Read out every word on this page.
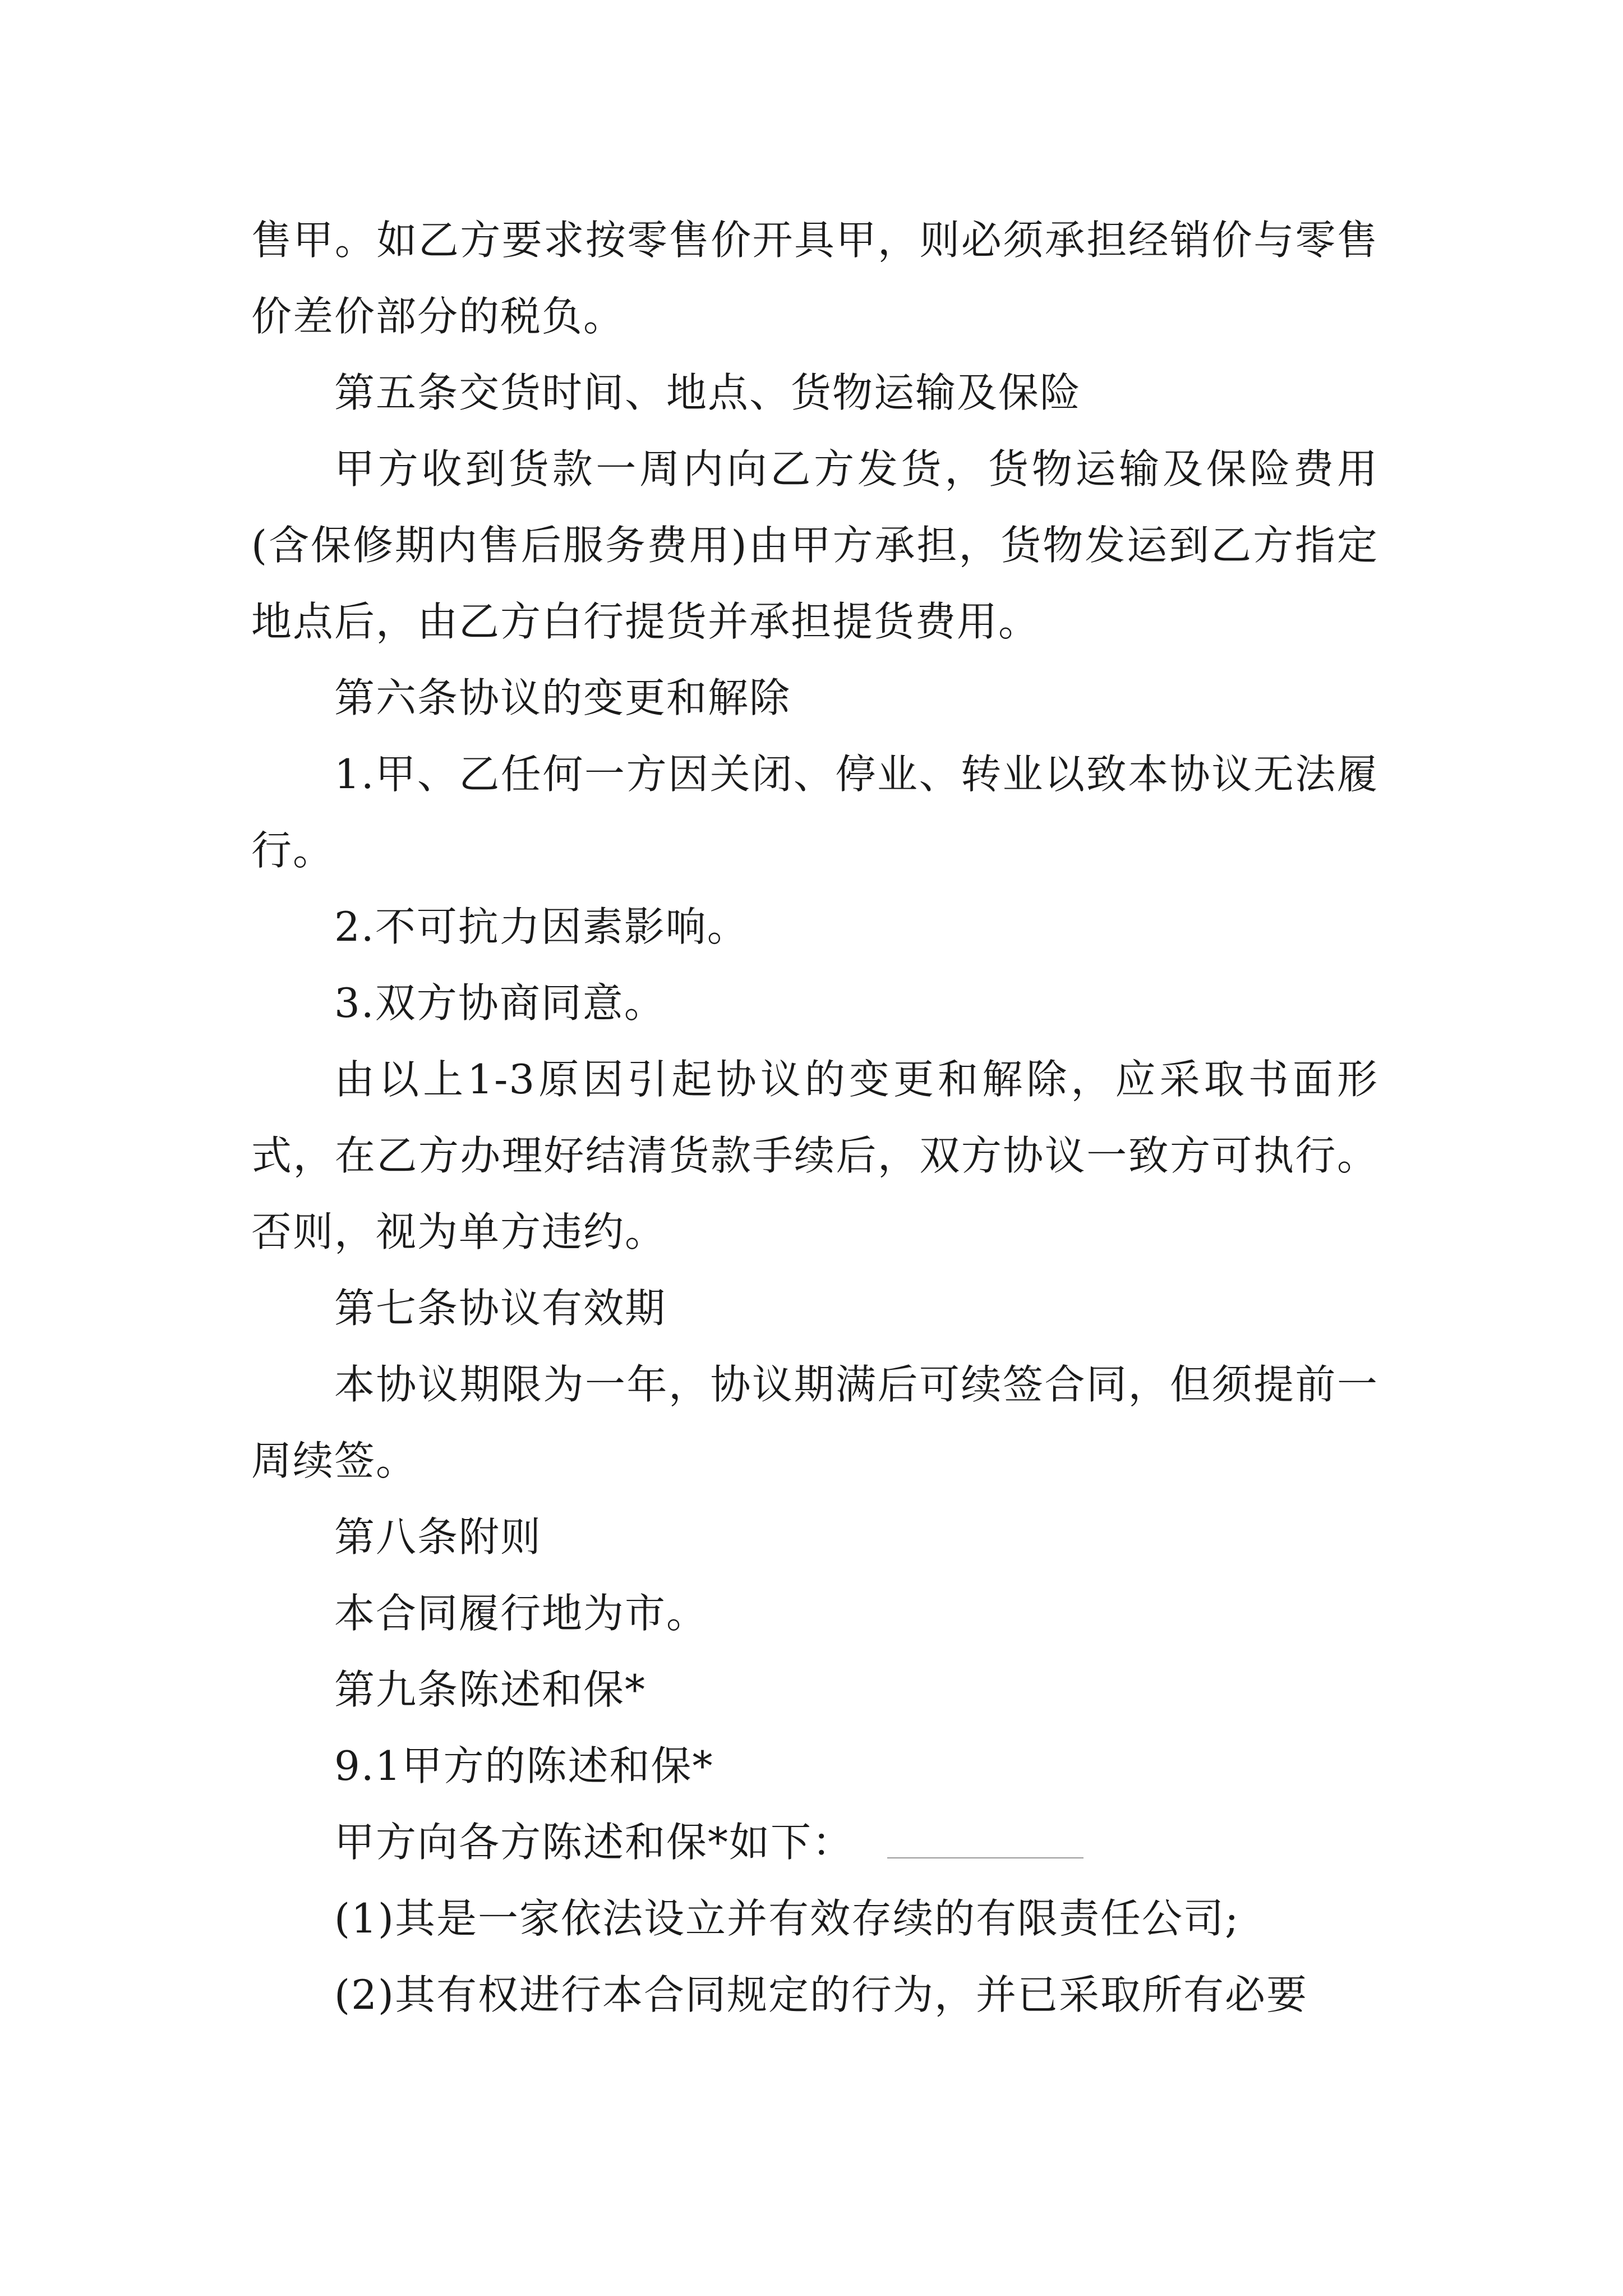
售甲。如乙方要求按零售价开具甲，则必须承担经销价与零售价差价部分的税负。

第五条交货时间、地点、货物运输及保险

甲方收到货款一周内向乙方发货，货物运输及保险费用(含保修期内售后服务费用)由甲方承担，货物发运到乙方指定地点后，由乙方白行提货并承担提货费用。

第六条协议的变更和解除

1.甲、乙任何一方因关闭、停业、转业以致本协议无法履行。

2.不可抗力因素影响。

3.双方协商同意。

由以上1-3原因引起协议的变更和解除，应采取书面形式，在乙方办理好结清货款手续后，双方协议一致方可执行。否则，视为单方违约。

第七条协议有效期

本协议期限为一年，协议期满后可续签合同，但须提前一周续签。

第八条附则

本合同履行地为市。

第九条陈述和保*

9.1甲方的陈述和保*

甲方向各方陈述和保*如下：

(1)其是一家依法设立并有效存续的有限责任公司;

(2)其有权进行本合同规定的行为，并已采取所有必要
